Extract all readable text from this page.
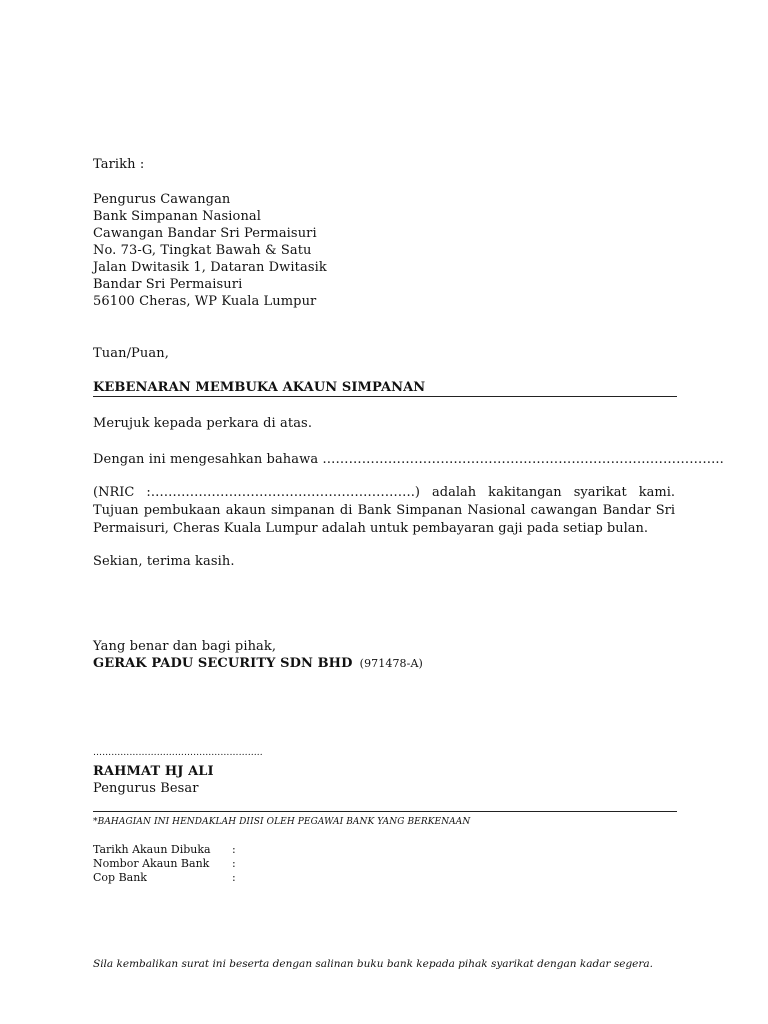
Tarikh :
Pengurus Cawangan
Bank Simpanan Nasional
Cawangan Bandar Sri Permaisuri
No. 73-G, Tingkat Bawah & Satu
Jalan Dwitasik 1, Dataran Dwitasik
Bandar Sri Permaisuri
56100 Cheras, WP Kuala Lumpur
Tuan/Puan,
KEBENARAN MEMBUKA AKAUN SIMPANAN
Merujuk kepada perkara di atas.
Dengan ini mengesahkan bahawa ………………………………………………………………………………..
(NRIC :…………………………………………………….) adalah kakitangan syarikat kami. Tujuan pembukaan akaun simpanan di Bank Simpanan Nasional cawangan Bandar Sri Permaisuri, Cheras Kuala Lumpur adalah untuk pembayaran gaji pada setiap bulan.
Sekian, terima kasih.
Yang benar dan bagi pihak,
GERAK PADU SECURITY SDN BHD (971478-A)
………………………………………………..
RAHMAT HJ ALI
Pengurus Besar
*BAHAGIAN INI HENDAKLAH DIISI OLEH PEGAWAI BANK YANG BERKENAAN
Tarikh Akaun Dibuka :
Nombor Akaun Bank :
Cop Bank	:
Sila kembalikan surat ini beserta dengan salinan buku bank kepada pihak syarikat dengan kadar segera.
